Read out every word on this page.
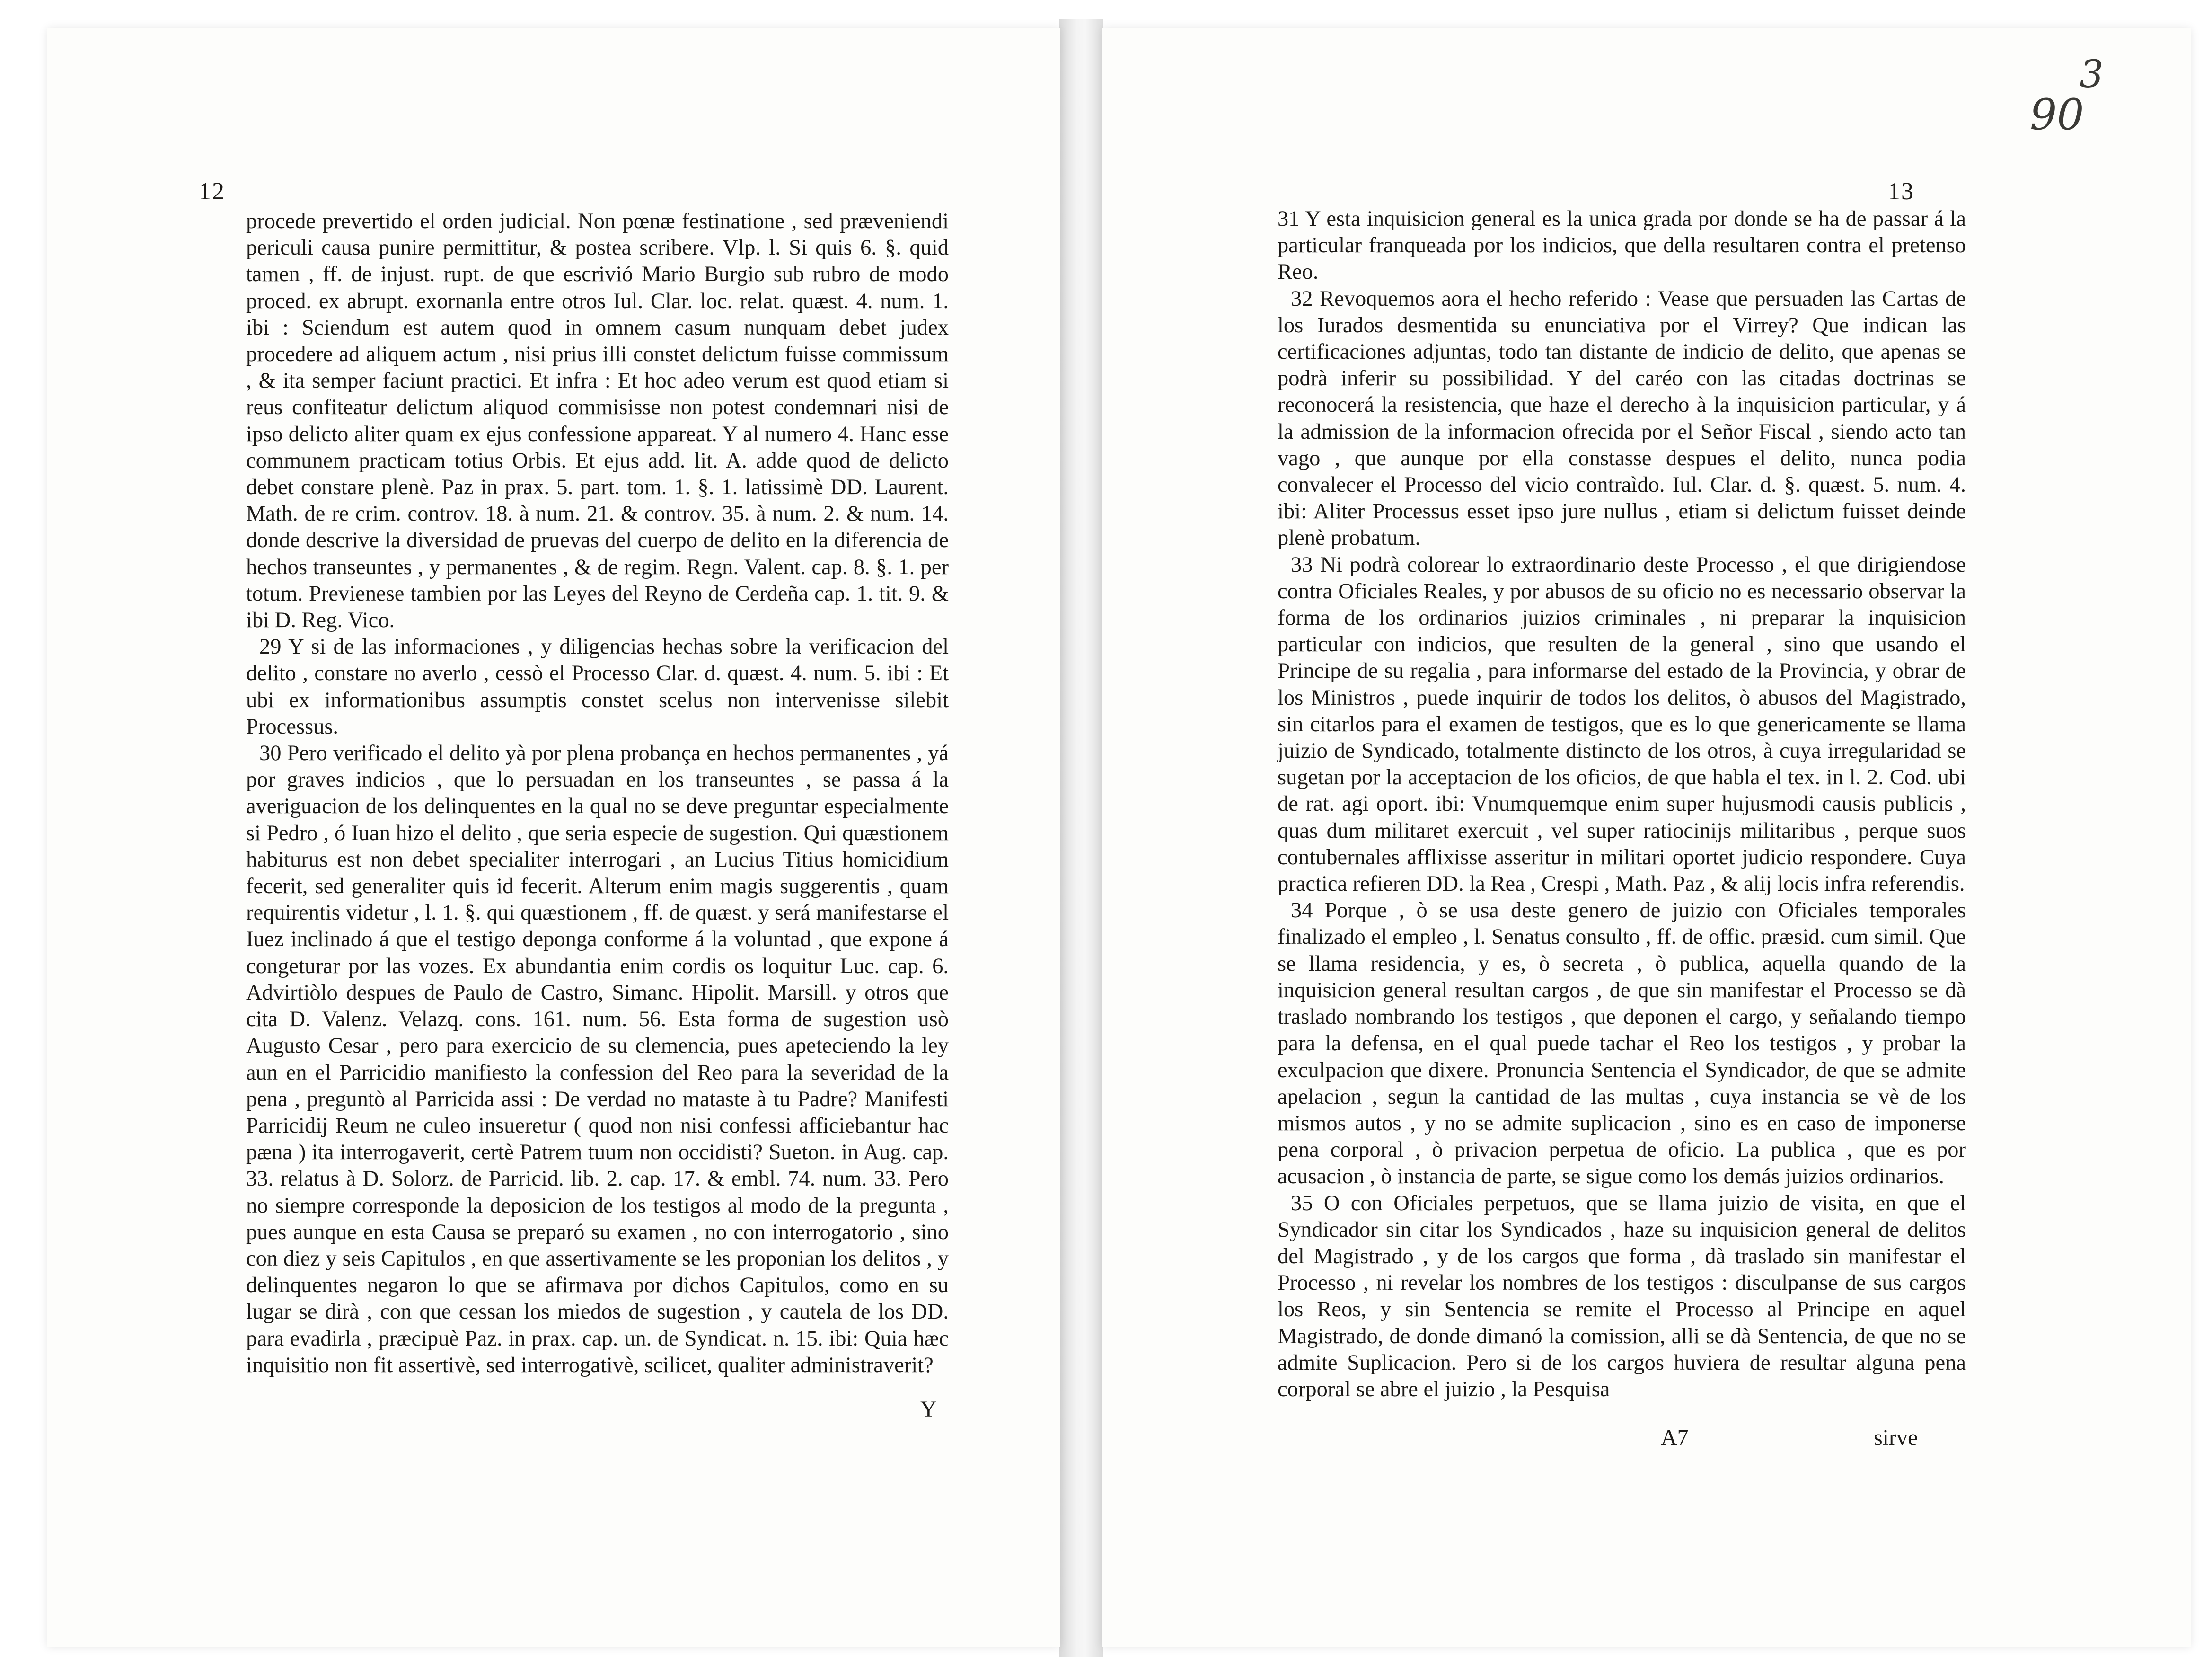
12	13
3
90

procede prevertido el orden judicial. Non pœnæ festinatione , sed præveniendi periculi causa punire permittitur, & postea scribere. Vlp. l. Si quis 6. §. quid tamen , ff. de injust. rupt. de que escrivió Mario Burgio sub rubro de modo proced. ex abrupt. exornanla entre otros Iul. Clar. loc. relat. quæst. 4. num. 1. ibi : Sciendum est autem quod in omnem casum nunquam debet judex procedere ad aliquem actum , nisi prius illi constet delictum fuisse commissum , & ita semper faciunt practici. Et infra : Et hoc adeo verum est quod etiam si reus confiteatur delictum aliquod commisisse non potest condemnari nisi de ipso delicto aliter quam ex ejus confessione appareat. Y al numero 4. Hanc esse communem practicam totius Orbis. Et ejus add. lit. A. adde quod de delicto debet constare plenè. Paz in prax. 5. part. tom. 1. §. 1. latissimè DD. Laurent. Math. de re crim. controv. 18. à num. 21. & controv. 35. à num. 2. & num. 14. donde descrive la diversidad de pruevas del cuerpo de delito en la diferencia de hechos transeuntes , y permanentes , & de regim. Regn. Valent. cap. 8. §. 1. per totum. Previenese tambien por las Leyes del Reyno de Cerdeña cap. 1. tit. 9. & ibi D. Reg. Vico.

29 Y si de las informaciones , y diligencias hechas sobre la verificacion del delito , constare no averlo , cessò el Processo Clar. d. quæst. 4. num. 5. ibi : Et ubi ex informationibus assumptis constet scelus non intervenisse silebit Processus.

30 Pero verificado el delito yà por plena probança en hechos permanentes , yá por graves indicios , que lo persuadan en los transeuntes , se passa á la averiguacion de los delinquentes en la qual no se deve preguntar especialmente si Pedro , ó Iuan hizo el delito , que seria especie de sugestion. Qui quæstionem habiturus est non debet specialiter interrogari , an Lucius Titius homicidium fecerit, sed generaliter quis id fecerit. Alterum enim magis suggerentis , quam requirentis videtur , l. 1. §. qui quæstionem , ff. de quæst. y será manifestarse el Iuez inclinado á que el testigo deponga conforme á la voluntad , que expone á congeturar por las vozes. Ex abundantia enim cordis os loquitur Luc. cap. 6. Advirtiòlo despues de Paulo de Castro, Simanc. Hipolit. Marsill. y otros que cita D. Valenz. Velazq. cons. 161. num. 56. Esta forma de sugestion usò Augusto Cesar , pero para exercicio de su clemencia, pues apeteciendo la ley aun en el Parricidio manifiesto la confession del Reo para la severidad de la pena , preguntò al Parricida assi : De verdad no mataste à tu Padre? Manifesti Parricidij Reum ne culeo insueretur ( quod non nisi confessi afficiebantur hac pæna ) ita interrogaverit, certè Patrem tuum non occidisti? Sueton. in Aug. cap. 33. relatus à D. Solorz. de Parricid. lib. 2. cap. 17. & embl. 74. num. 33. Pero no siempre corresponde la deposicion de los testigos al modo de la pregunta , pues aunque en esta Causa se preparó su examen , no con interrogatorio , sino con diez y seis Capitulos , en que assertivamente se les proponian los delitos , y delinquentes negaron lo que se afirmava por dichos Capitulos, como en su lugar se dirà , con que cessan los miedos de sugestion , y cautela de los DD. para evadirla , præcipuè Paz. in prax. cap. un. de Syndicat. n. 15. ibi: Quia hæc inquisitio non fit assertivè, sed interrogativè, scilicet, qualiter administraverit?

31 Y esta inquisicion general es la unica grada por donde se ha de passar á la particular franqueada por los indicios, que della resultaren contra el pretenso Reo.

32 Revoquemos aora el hecho referido : Vease que persuaden las Cartas de los Iurados desmentida su enunciativa por el Virrey? Que indican las certificaciones adjuntas, todo tan distante de indicio de delito, que apenas se podrà inferir su possibilidad. Y del caréo con las citadas doctrinas se reconocerá la resistencia, que haze el derecho à la inquisicion particular, y á la admission de la informacion ofrecida por el Señor Fiscal , siendo acto tan vago , que aunque por ella constasse despues el delito, nunca podia convalecer el Processo del vicio contraìdo. Iul. Clar. d. §. quæst. 5. num. 4. ibi: Aliter Processus esset ipso jure nullus , etiam si delictum fuisset deinde plenè probatum.

33 Ni podrà colorear lo extraordinario deste Processo , el que dirigiendose contra Oficiales Reales, y por abusos de su oficio no es necessario observar la forma de los ordinarios juizios criminales , ni preparar la inquisicion particular con indicios, que resulten de la general , sino que usando el Principe de su regalia , para informarse del estado de la Provincia, y obrar de los Ministros , puede inquirir de todos los delitos, ò abusos del Magistrado, sin citarlos para el examen de testigos, que es lo que genericamente se llama juizio de Syndicado, totalmente distincto de los otros, à cuya irregularidad se sugetan por la acceptacion de los oficios, de que habla el tex. in l. 2. Cod. ubi de rat. agi oport. ibi: Vnumquemque enim super hujusmodi causis publicis , quas dum militaret exercuit , vel super ratiocinijs militaribus , perque suos contubernales afflixisse asseritur in militari oportet judicio respondere. Cuya practica refieren DD. la Rea , Crespi , Math. Paz , & alij locis infra referendis.

34 Porque , ò se usa deste genero de juizio con Oficiales temporales finalizado el empleo , l. Senatus consulto , ff. de offic. præsid. cum simil. Que se llama residencia, y es, ò secreta , ò publica, aquella quando de la inquisicion general resultan cargos , de que sin manifestar el Processo se dà traslado nombrando los testigos , que deponen el cargo, y señalando tiempo para la defensa, en el qual puede tachar el Reo los testigos , y probar la exculpacion que dixere. Pronuncia Sentencia el Syndicador, de que se admite apelacion , segun la cantidad de las multas , cuya instancia se vè de los mismos autos , y no se admite suplicacion , sino es en caso de imponerse pena corporal , ò privacion perpetua de oficio. La publica , que es por acusacion , ò instancia de parte, se sigue como los demás juizios ordinarios.

35 O con Oficiales perpetuos, que se llama juizio de visita, en que el Syndicador sin citar los Syndicados , haze su inquisicion general de delitos del Magistrado , y de los cargos que forma , dà traslado sin manifestar el Processo , ni revelar los nombres de los testigos : disculpanse de sus cargos los Reos, y sin Sentencia se remite el Processo al Principe en aquel Magistrado, de donde dimanó la comission, alli se dà Sentencia, de que no se admite Suplicacion. Pero si de los cargos huviera de resultar alguna pena corporal se abre el juizio , la Pesquisa

Y
A7	sirve
